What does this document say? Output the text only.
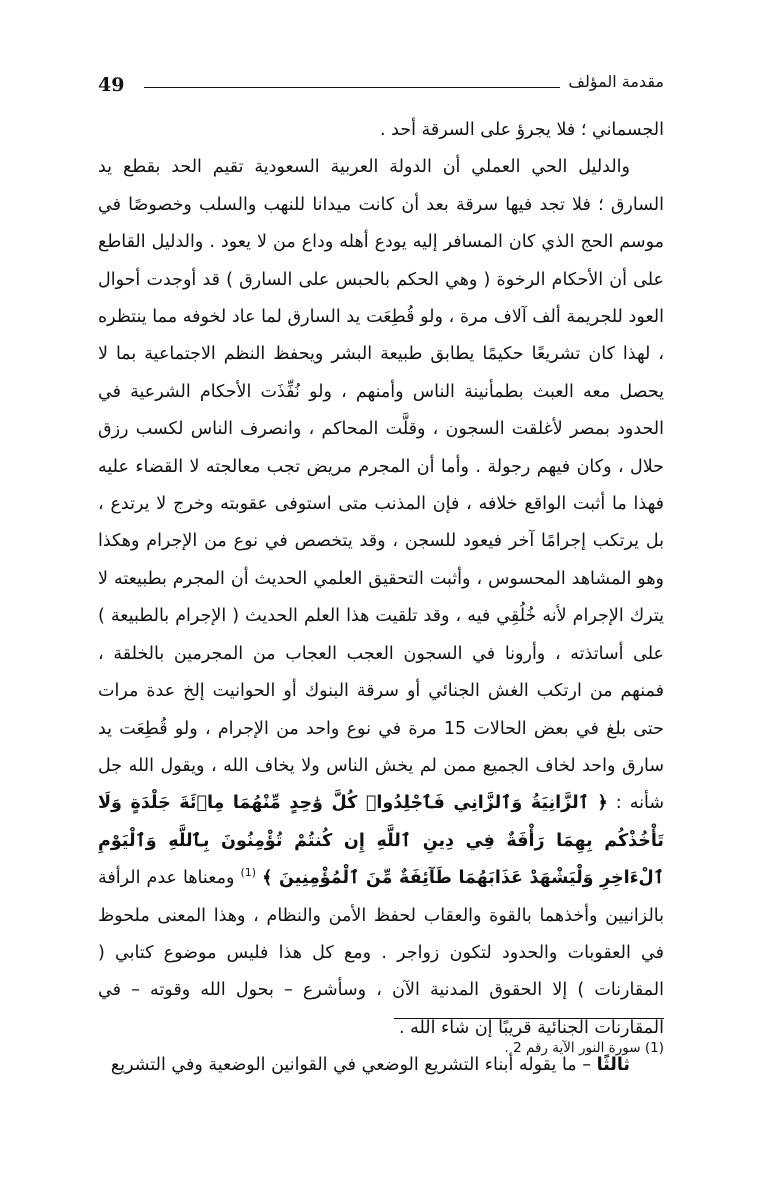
49	مقدمة المؤلف

الجسماني ؛ فلا يجرؤ على السرقة أحد .

والدليل الحي العملي أن الدولة العربية السعودية تقيم الحد بقطع يد السارق ؛ فلا تجد فيها سرقة بعد أن كانت ميدانا للنهب والسلب وخصوصًا في موسم الحج الذي كان المسافر إليه يودع أهله وداع من لا يعود . والدليل القاطع على أن الأحكام الرخوة ( وهي الحكم بالحبس على السارق ) قد أوجدت أحوال العود للجريمة ألف آلاف مرة ، ولو قُطِعَت يد السارق لما عاد لخوفه مما ينتظره ، لهذا كان تشريعًا حكيمًا يطابق طبيعة البشر ويحفظ النظم الاجتماعية بما لا يحصل معه العبث بطمأنينة الناس وأمنهم ، ولو نُفِّذَت الأحكام الشرعية في الحدود بمصر لأغلقت السجون ، وقلَّت المحاكم ، وانصرف الناس لكسب رزق حلال ، وكان فيهم رجولة . وأما أن المجرم مريض تجب معالجته لا القضاء عليه فهذا ما أثبت الواقع خلافه ، فإن المذنب متى استوفى عقوبته وخرج لا يرتدع ، بل يرتكب إجرامًا آخر فيعود للسجن ، وقد يتخصص في نوع من الإجرام وهكذا وهو المشاهد المحسوس ، وأثبت التحقيق العلمي الحديث أن المجرم بطبيعته لا يترك الإجرام لأنه خُلُقِي فيه ، وقد تلقيت هذا العلم الحديث ( الإجرام بالطبيعة ) على أساتذته ، وأرونا في السجون العجب العجاب من المجرمين بالخلقة ، فمنهم من ارتكب الغش الجنائي أو سرقة البنوك أو الحوانيت إلخ عدة مرات حتى بلغ في بعض الحالات 15 مرة في نوع واحد من الإجرام ، ولو قُطِعَت يد سارق واحد لخاف الجميع ممن لم يخش الناس ولا يخاف الله ، ويقول الله جل شأنه : ﴿ ٱلزَّانِيَةُ وَٱلزَّانِي فَٱجْلِدُوا۟ كُلَّ وَٰحِدٍ مِّنْهُمَا مِا۟ئَةَ جَلْدَةٍ وَلَا تَأْخُذْكُم بِهِمَا رَأْفَةٌ فِي دِينِ ٱللَّهِ إِن كُنتُمْ تُؤْمِنُونَ بِٱللَّهِ وَٱلْيَوْمِ ٱلْءَاخِرِ وَلْيَشْهَدْ عَذَابَهُمَا طَآئِفَةٌ مِّنَ ٱلْمُؤْمِنِينَ ﴾ $^{(1)}$ ومعناها عدم الرأفة بالزانيين وأخذهما بالقوة والعقاب لحفظ الأمن والنظام ، وهذا المعنى ملحوظ في العقوبات والحدود لتكون زواجر . ومع كل هذا فليس موضوع كتابي ( المقارنات ) إلا الحقوق المدنية الآن ، وسأشرع – بحول الله وقوته – في المقارنات الجنائية قريبًا إن شاء الله .

ثالثًا – ما يقوله أبناء التشريع الوضعي في القوانين الوضعية وفي التشريع

(1) سورة النور الآية رقم 2 .
